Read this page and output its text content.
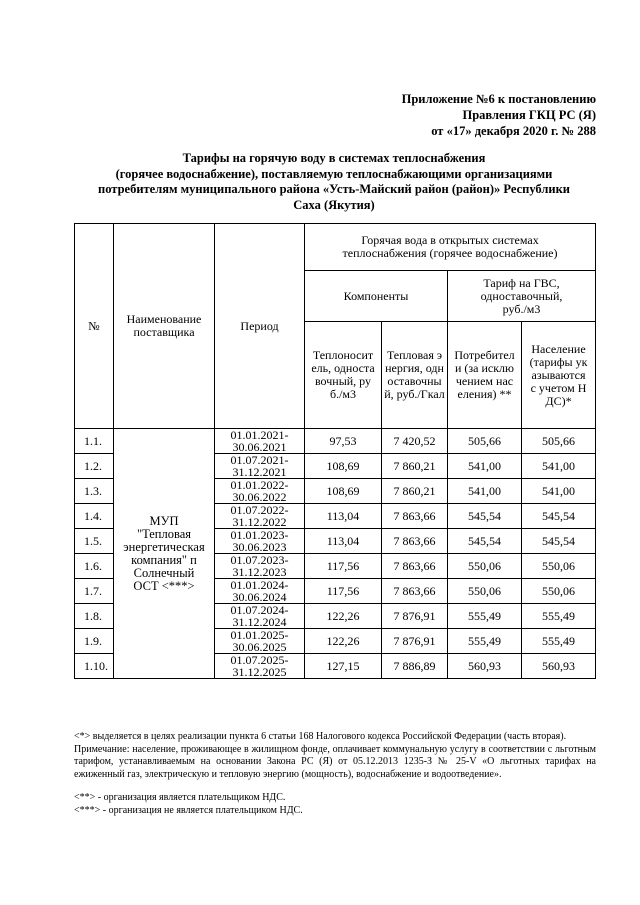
Приложение №6 к постановлению
Правления ГКЦ РС (Я)
от «17» декабря 2020 г. № 288
Тарифы на горячую воду в системах теплоснабжения
(горячее водоснабжение), поставляемую теплоснабжающими организациями
потребителям муниципального района «Усть-Майский район (район)» Республики
Саха (Якутия)
№	Наименование поставщика	Период	Горячая вода в открытых системах теплоснабжения (горячее водоснабжение)			
			Компоненты		Тариф на ГВС, одноставочный, руб./м3	
			Теплоноситель, одноставочный, руб./м3	Тепловая энергия, одноставочный, руб./Гкал	Потребители (за исключением населения) **	Население (тарифы указываются с учетом НДС)*
1.1.	МУП "Тепловая энергетическая компания" п Солнечный ОСТ <***>	01.01.2021-30.06.2021	97,53	7 420,52	505,66	505,66
1.2.		01.07.2021-31.12.2021	108,69	7 860,21	541,00	541,00
1.3.		01.01.2022-30.06.2022	108,69	7 860,21	541,00	541,00
1.4.		01.07.2022-31.12.2022	113,04	7 863,66	545,54	545,54
1.5.		01.01.2023-30.06.2023	113,04	7 863,66	545,54	545,54
1.6.		01.07.2023-31.12.2023	117,56	7 863,66	550,06	550,06
1.7.		01.01.2024-30.06.2024	117,56	7 863,66	550,06	550,06
1.8.		01.07.2024-31.12.2024	122,26	7 876,91	555,49	555,49
1.9.		01.01.2025-30.06.2025	122,26	7 876,91	555,49	555,49
1.10.		01.07.2025-31.12.2025	127,15	7 886,89	560,93	560,93

<*> выделяется в целях реализации пункта 6 статьи 168 Налогового кодекса Российской Федерации (часть вторая).

Примечание: население, проживающее в жилищном фонде, оплачивает коммунальную услугу в соответствии с льготным тарифом, устанавливаемым на основании Закона РС (Я) от 05.12.2013 1235-З № 25-V «О льготных тарифах на ежиженный газ, электрическую и тепловую энергию (мощность), водоснабжение и водоотведение».

<**> - организация является плательщиком НДС.

<***> - организация не является плательщиком НДС.
